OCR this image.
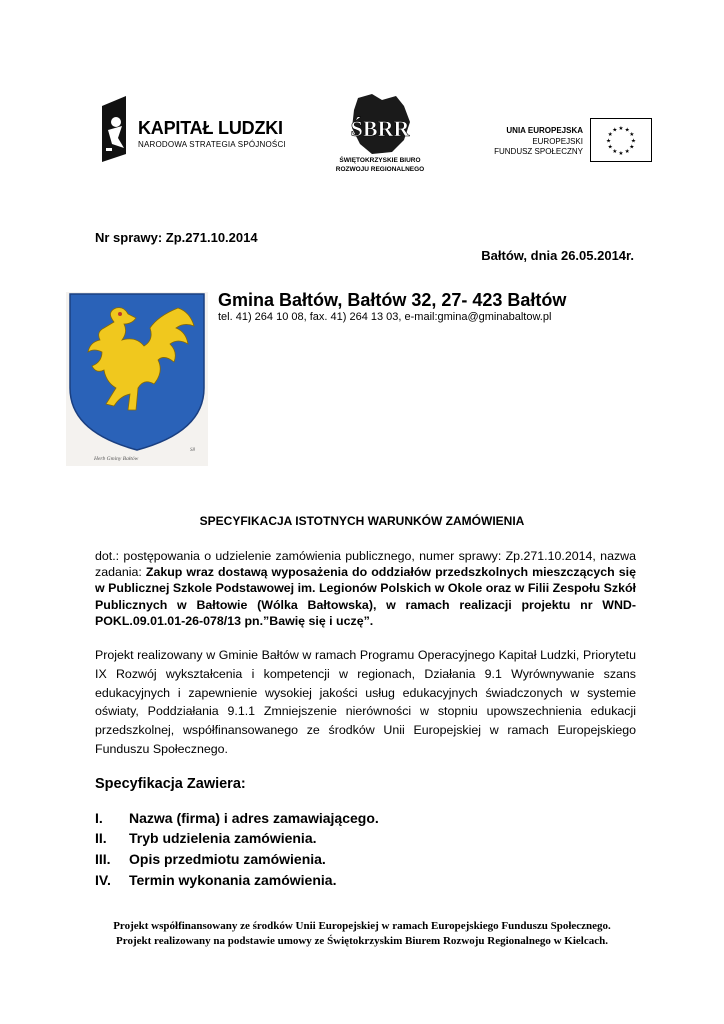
KAPITAŁ LUDZKI
NARODOWA STRATEGIA SPÓJNOŚCI
ŚBRR
ŚWIĘTOKRZYSKIE BIURO
ROZWOJU REGIONALNEGO
UNIA EUROPEJSKA
EUROPEJSKI
FUNDUSZ SPOŁECZNY
★ ★
★
★
★
★
★
★
★
★
★
★
Nr sprawy: Zp.271.10.2014
Bałtów, dnia 26.05.2014r.
Herb Gminy Bałtów
S8
Gmina Bałtów, Bałtów 32, 27- 423 Bałtów
tel. 41) 264 10 08, fax. 41) 264 13 03, e-mail:gmina@gminabaltow.pl
SPECYFIKACJA ISTOTNYCH WARUNKÓW ZAMÓWIENIA
dot.: postępowania o udzielenie zamówienia publicznego, numer sprawy: Zp.271.10.2014, nazwa zadania: Zakup wraz dostawą wyposażenia do oddziałów przedszkolnych mieszczących się w Publicznej Szkole Podstawowej im. Legionów Polskich w Okole oraz w Filii Zespołu Szkół Publicznych w Bałtowie (Wólka Bałtowska), w ramach realizacji projektu nr WND-POKL.09.01.01-26-078/13 pn.”Bawię się i uczę”.
Projekt realizowany w Gminie Bałtów w ramach Programu Operacyjnego Kapitał Ludzki, Priorytetu IX Rozwój wykształcenia i kompetencji w regionach, Działania 9.1 Wyrównywanie szans edukacyjnych i zapewnienie wysokiej jakości usług edukacyjnych świadczonych w systemie oświaty, Poddziałania 9.1.1 Zmniejszenie nierówności w stopniu upowszechnienia edukacji przedszkolnej, współfinansowanego ze środków Unii Europejskiej w ramach Europejskiego Funduszu Społecznego.
Specyfikacja Zawiera:
I. Nazwa (firma) i adres zamawiającego.
II. Tryb udzielenia zamówienia.
III. Opis przedmiotu zamówienia.
IV. Termin wykonania zamówienia.
Projekt współfinansowany ze środków Unii Europejskiej w ramach Europejskiego Funduszu Społecznego.
Projekt realizowany na podstawie umowy ze Świętokrzyskim Biurem Rozwoju Regionalnego w Kielcach.
